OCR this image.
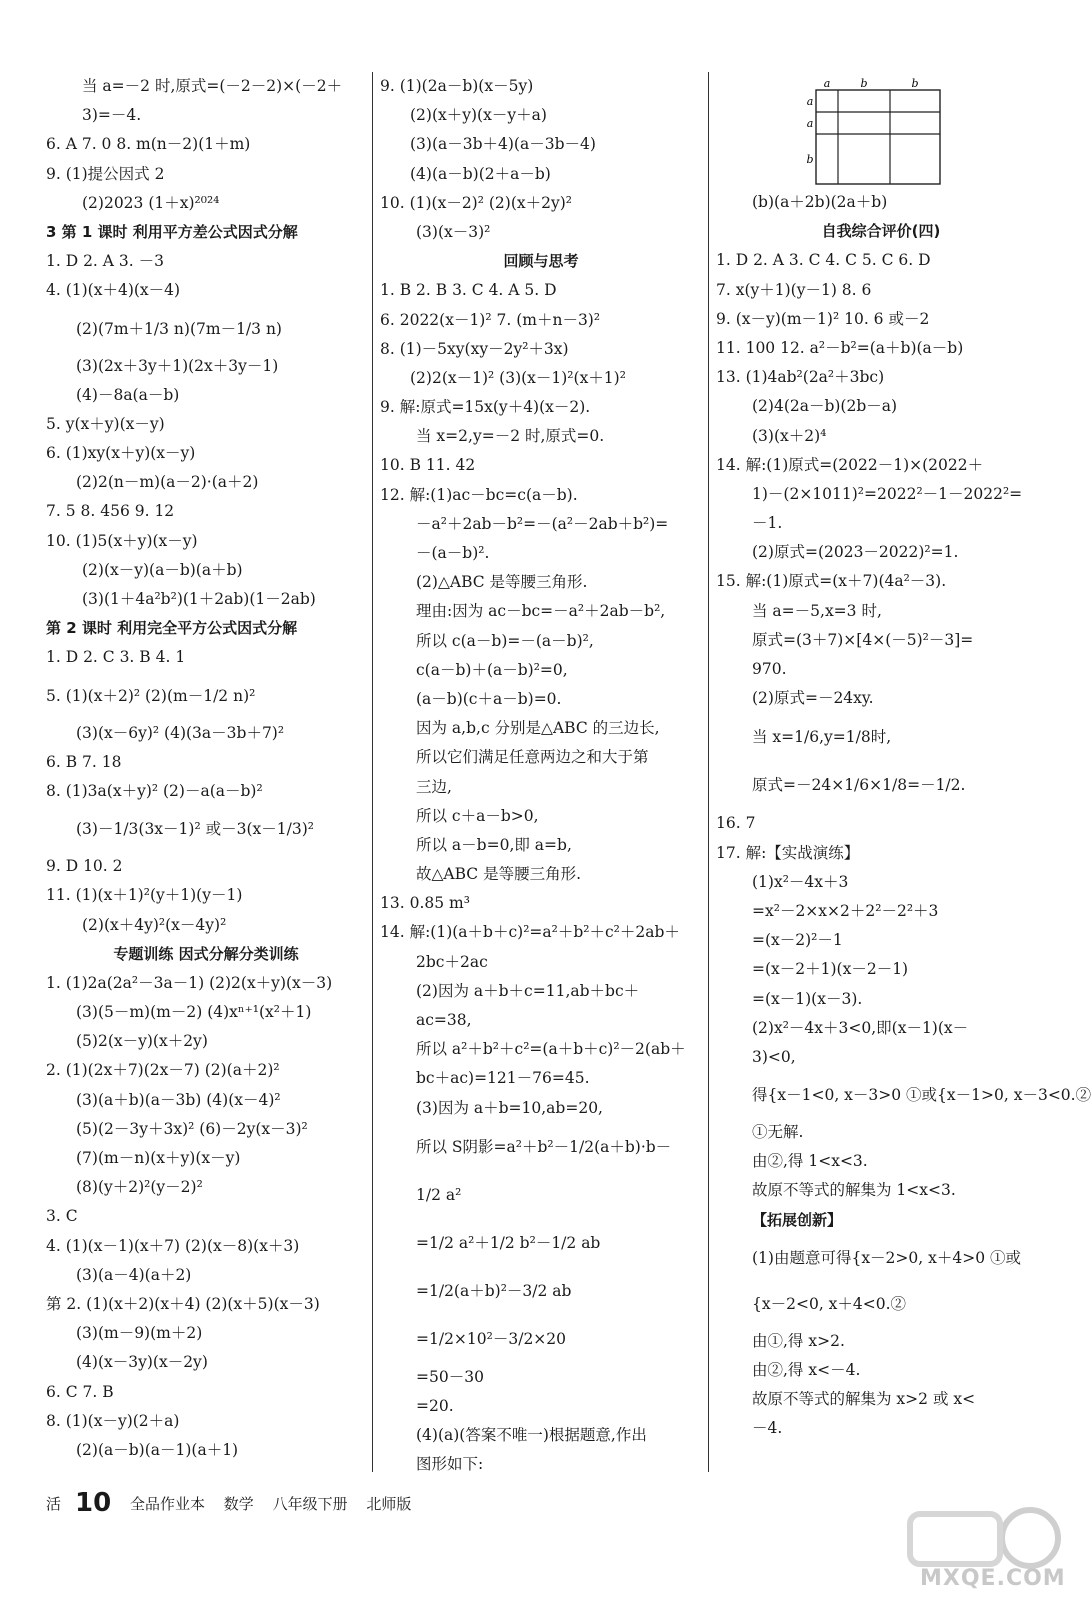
当 a=－2 时,原式=(－2－2)×(－2＋
3)=－4.
6. A 7. 0 8. m(n－2)(1＋m)
9. (1)提公因式 2
(2)2023 (1＋x)²⁰²⁴
3 第 1 课时 利用平方差公式因式分解
1. D 2. A 3. －3
4. (1)(x＋4)(x－4)
(2)(7m＋1/3 n)(7m－1/3 n)
(3)(2x＋3y＋1)(2x＋3y－1)
(4)－8a(a－b)
5. y(x＋y)(x－y)
6. (1)xy(x＋y)(x－y)
(2)2(n－m)(a－2)·(a＋2)
7. 5 8. 456 9. 12
10. (1)5(x＋y)(x－y)
(2)(x－y)(a－b)(a＋b)
(3)(1＋4a²b²)(1＋2ab)(1－2ab)
第 2 课时 利用完全平方公式因式分解
1. D 2. C 3. B 4. 1
5. (1)(x＋2)² (2)(m－1/2 n)²
(3)(x－6y)² (4)(3a－3b＋7)²
6. B 7. 18
8. (1)3a(x＋y)² (2)－a(a－b)²
(3)－1/3(3x－1)² 或－3(x－1/3)²
9. D 10. 2
11. (1)(x＋1)²(y＋1)(y－1)
(2)(x＋4y)²(x－4y)²
专题训练 因式分解分类训练
1. (1)2a(2a²－3a－1) (2)2(x＋y)(x－3)
(3)(5－m)(m－2) (4)xⁿ⁺¹(x²＋1)
(5)2(x－y)(x＋2y)
2. (1)(2x＋7)(2x－7) (2)(a＋2)²
(3)(a＋b)(a－3b) (4)(x－4)²
(5)(2－3y＋3x)² (6)－2y(x－3)²
(7)(m－n)(x＋y)(x－y)
(8)(y＋2)²(y－2)²
3. C
4. (1)(x－1)(x＋7) (2)(x－8)(x＋3)
(3)(a－4)(a＋2)
第 2. (1)(x＋2)(x＋4) (2)(x＋5)(x－3)
(3)(m－9)(m＋2)
(4)(x－3y)(x－2y)
6. C 7. B
8. (1)(x－y)(2＋a)
(2)(a－b)(a－1)(a＋1)
9. (1)(2a－b)(x－5y)
(2)(x＋y)(x－y＋a)
(3)(a－3b＋4)(a－3b－4)
(4)(a－b)(2＋a－b)
10. (1)(x－2)² (2)(x＋2y)²
(3)(x－3)²
回顾与思考
1. B 2. B 3. C 4. A 5. D
6. 2022(x－1)² 7. (m＋n－3)²
8. (1)－5xy(xy－2y²＋3x)
(2)2(x－1)² (3)(x－1)²(x＋1)²
9. 解:原式=15x(y＋4)(x－2).
当 x=2,y=－2 时,原式=0.
10. B 11. 42
12. 解:(1)ac－bc=c(a－b).
－a²＋2ab－b²=－(a²－2ab＋b²)=
－(a－b)².
(2)△ABC 是等腰三角形.
理由:因为 ac－bc=－a²＋2ab－b²,
所以 c(a－b)=－(a－b)²,
c(a－b)＋(a－b)²=0,
(a－b)(c＋a－b)=0.
因为 a,b,c 分别是△ABC 的三边长,
所以它们满足任意两边之和大于第
三边,
所以 c＋a－b>0,
所以 a－b=0,即 a=b,
故△ABC 是等腰三角形.
13. 0.85 m³
14. 解:(1)(a＋b＋c)²=a²＋b²＋c²＋2ab＋
2bc＋2ac
(2)因为 a＋b＋c=11,ab＋bc＋
ac=38,
所以 a²＋b²＋c²=(a＋b＋c)²－2(ab＋
bc＋ac)=121－76=45.
(3)因为 a＋b=10,ab=20,
所以 S阴影=a²＋b²－1/2(a＋b)·b－
1/2 a²
=1/2 a²＋1/2 b²－1/2 ab
=1/2(a＋b)²－3/2 ab
=1/2×10²－3/2×20
=50－30
=20.
(4)(a)(答案不唯一)根据题意,作出
图形如下:
a	b	b
a
a
b
(b)(a＋2b)(2a＋b)
自我综合评价(四)
1. D 2. A 3. C 4. C 5. C 6. D
7. x(y＋1)(y－1) 8. 6
9. (x－y)(m－1)² 10. 6 或－2
11. 100 12. a²－b²=(a＋b)(a－b)
13. (1)4ab²(2a²＋3bc)
(2)4(2a－b)(2b－a)
(3)(x＋2)⁴
14. 解:(1)原式=(2022－1)×(2022＋
1)－(2×1011)²=2022²－1－2022²=
－1.
(2)原式=(2023－2022)²=1.
15. 解:(1)原式=(x＋7)(4a²－3).
当 a=－5,x=3 时,
原式=(3＋7)×[4×(－5)²－3]=
970.
(2)原式=－24xy.
当 x=1/6,y=1/8时,
原式=－24×1/6×1/8=－1/2.
16. 7
17. 解:【实战演练】
(1)x²－4x＋3
=x²－2×x×2＋2²－2²＋3
=(x－2)²－1
=(x－2＋1)(x－2－1)
=(x－1)(x－3).
(2)x²－4x＋3<0,即(x－1)(x－
3)<0,
得{x－1<0, x－3>0 ①或{x－1>0, x－3<0.②
①无解.
由②,得 1<x<3.
故原不等式的解集为 1<x<3.
【拓展创新】
(1)由题意可得{x－2>0, x＋4>0 ①或
{x－2<0, x＋4<0.②
由①,得 x>2.
由②,得 x<－4.
故原不等式的解集为 x>2 或 x<
－4.
活 10 全品作业本 数学 八年级下册 北师版
MXQE.COM
